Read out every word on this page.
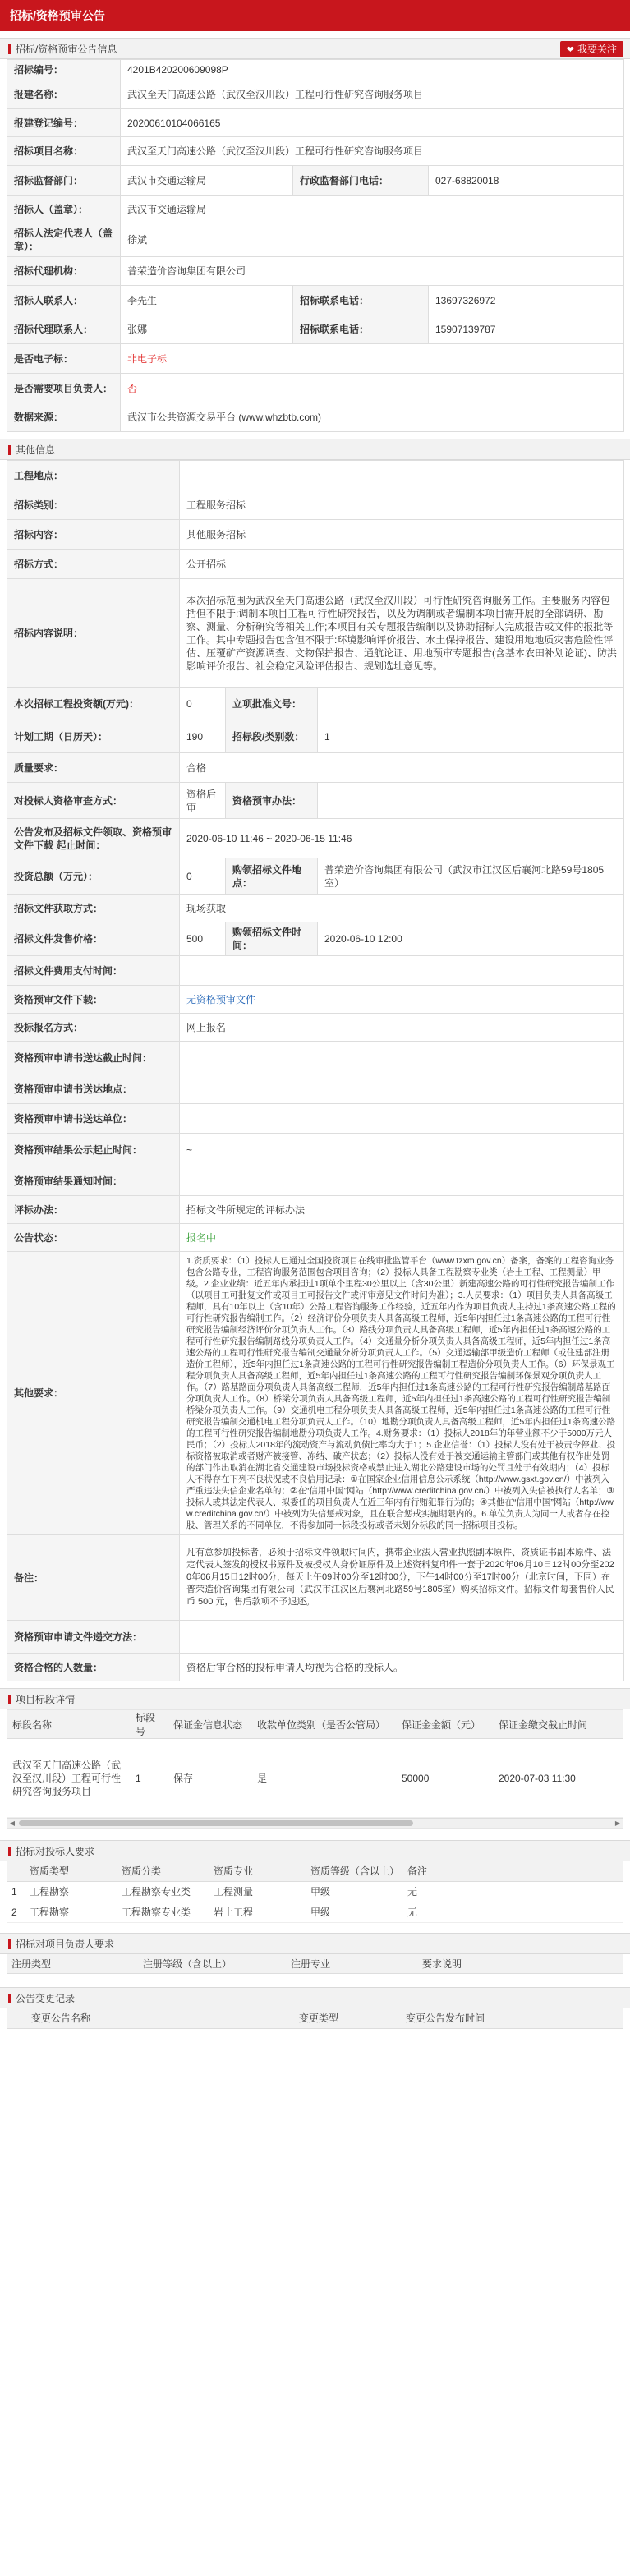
招标/资格预审公告
招标/资格预审公告信息	❤ 我要关注
招标编号：	4201B420200609098P		
报建名称：	武汉至天门高速公路（武汉至汉川段）工程可行性研究咨询服务项目		
报建登记编号：	20200610104066165		
招标项目名称：	武汉至天门高速公路（武汉至汉川段）工程可行性研究咨询服务项目		
招标监督部门：	武汉市交通运输局	行政监督部门电话：	027-68820018
招标人（盖章）：	武汉市交通运输局		
招标人法定代表人（盖章）：	徐斌		
招标代理机构：	普荣造价咨询集团有限公司		
招标人联系人：	李先生	招标联系电话：	13697326972
招标代理联系人：	张娜	招标联系电话：	15907139787
是否电子标：	非电子标		
是否需要项目负责人：	否		
数据来源：	武汉市公共资源交易平台 (www.whzbtb.com)		
其他信息
工程地点：			
招标类别：	工程服务招标		
招标内容：	其他服务招标		
招标方式：	公开招标		
招标内容说明：	本次招标范围为武汉至天门高速公路（武汉至汉川段）可行性研究咨询服务工作。主要服务内容包括但不限于:调制本项目工程可行性研究报告，以及为调制或者编制本项目需开展的全部调研、勘察、测量、分析研究等相关工作;本项目有关专题报告编制以及协助招标人完成报告或文件的报批等工作。其中专题报告包含但不限于:环境影响评价报告、水土保持报告、建设用地地质灾害危险性评估、压覆矿产资源调查、文物保护报告、通航论证、用地预审专题报告(含基本农田补划论证)、防洪影响评价报告、社会稳定风险评估报告、规划选址意见等。		
本次招标工程投资额(万元)：	0	立项批准文号：	
计划工期（日历天）：	190	招标段/类别数：	1
质量要求：	合格		
对投标人资格审查方式：	资格后审	资格预审办法：	
公告发布及招标文件领取、资格预审文件下载 起止时间：	2020-06-10 11:46 ~ 2020-06-15 11:46		
投资总额（万元）：	0	购领招标文件地点：	普荣造价咨询集团有限公司（武汉市江汉区后襄河北路59号1805室）
招标文件获取方式：	现场获取		
招标文件发售价格：	500	购领招标文件时间：	2020-06-10 12:00
招标文件费用支付时间：			
资格预审文件下载：	无资格预审文件		
投标报名方式：	网上报名		
资格预审申请书送达截止时间：			
资格预审申请书送达地点：			
资格预审申请书送达单位：			
资格预审结果公示起止时间：	~		
资格预审结果通知时间：			
评标办法：	招标文件所规定的评标办法		
公告状态：	报名中		
其他要求：	1.资质要求：（1）投标人已通过全国投资项目在线审批监管平台（www.tzxm.gov.cn）备案，备案的工程咨询业务包含公路专业，工程咨询服务范围包含项目咨询；（2）投标人具备工程勘察专业类（岩土工程、工程测量）甲级。2.企业业绩：近五年内承担过1项单个里程30公里以上（含30公里）新建高速公路的可行性研究报告编制工作（以项目工可批复文件或项目工可报告文件或评审意见文件时间为准）；3.人员要求：（1）项目负责人具备高级工程师，具有10年以上（含10年）公路工程咨询服务工作经验，近五年内作为项目负责人主持过1条高速公路工程的可行性研究报告编制工作。（2）经济评价分项负责人具备高级工程师，近5年内担任过1条高速公路的工程可行性研究报告编制经济评价分项负责人工作。（3）路线分项负责人具备高级工程师，近5年内担任过1条高速公路的工程可行性研究报告编制路线分项负责人工作。（4）交通量分析分项负责人具备高级工程师，近5年内担任过1条高速公路的工程可行性研究报告编制交通量分析分项负责人工作。（5）交通运输部甲级造价工程师（或住建部注册造价工程师），近5年内担任过1条高速公路的工程可行性研究报告编制工程造价分项负责人工作。（6）环保景观工程分项负责人具备高级工程师，近5年内担任过1条高速公路的工程可行性研究报告编制环保景观分项负责人工作。（7）路基路面分项负责人具备高级工程师，近5年内担任过1条高速公路的工程可行性研究报告编制路基路面分项负责人工作。（8）桥梁分项负责人具备高级工程师，近5年内担任过1条高速公路的工程可行性研究报告编制桥梁分项负责人工作。（9）交通机电工程分项负责人具备高级工程师，近5年内担任过1条高速公路的工程可行性研究报告编制交通机电工程分项负责人工作。（10）地勘分项负责人具备高级工程师，近5年内担任过1条高速公路的工程可行性研究报告编制地勘分项负责人工作。4.财务要求：（1）投标人2018年的年营业额不少于5000万元人民币；（2）投标人2018年的流动资产与流动负债比率均大于1；5.企业信誉：（1）投标人没有处于被责令停业、投标资格被取消或者财产被接管、冻结、破产状态；（2）投标人没有处于被交通运输主管部门或其他有权作出处罚的部门作出取消在湖北省交通建设市场投标资格或禁止进入湖北公路建设市场的处罚且处于有效期内；（4）投标人不得存在下列不良状况或不良信用记录：①在国家企业信用信息公示系统（http://www.gsxt.gov.cn/）中被列入严重违法失信企业名单的；②在“信用中国”网站（http://www.creditchina.gov.cn/）中被列入失信被执行人名单；③投标人或其法定代表人、拟委任的项目负责人在近三年内有行贿犯罪行为的；④其他在“信用中国”网站（http://www.creditchina.gov.cn/）中被列为失信惩戒对象，且在联合惩戒实施期限内的。6.单位负责人为同一人或者存在控股、管理关系的不同单位，不得参加同一标段投标或者未划分标段的同一招标项目投标。		
备注：	凡有意参加投标者，必须于招标文件领取时间内，携带企业法人营业执照副本原件、资质证书副本原件、法定代表人签发的授权书原件及被授权人身份证原件及上述资料复印件一套于2020年06月10日12时00分至2020年06月15日12时00分，每天上午09时00分至12时00分，下午14时00分至17时00分（北京时间，下同）在普荣造价咨询集团有限公司（武汉市江汉区后襄河北路59号1805室）购买招标文件。招标文件每套售价人民币 500 元，售后款项不予退还。		
资格预审申请文件递交方法：			
资格合格的人数量：	资格后审合格的投标申请人均视为合格的投标人。		
项目标段详情
标段名称	标段号	保证金信息状态	收款单位类别（是否公管局）	保证金金额（元）	保证金缴交截止时间
武汉至天门高速公路（武汉至汉川段）工程可行性研究咨询服务项目	1	保存	是	50000	2020-07-03 11:30
◀	▶
招标对投标人要求
	资质类型	资质分类	资质专业	资质等级（含以上）	备注
1	工程勘察	工程勘察专业类	工程测量	甲级	无
2	工程勘察	工程勘察专业类	岩土工程	甲级	无
招标对项目负责人要求
注册类型	注册等级（含以上）	注册专业	要求说明
公告变更记录
变更公告名称	变更类型	变更公告发布时间
